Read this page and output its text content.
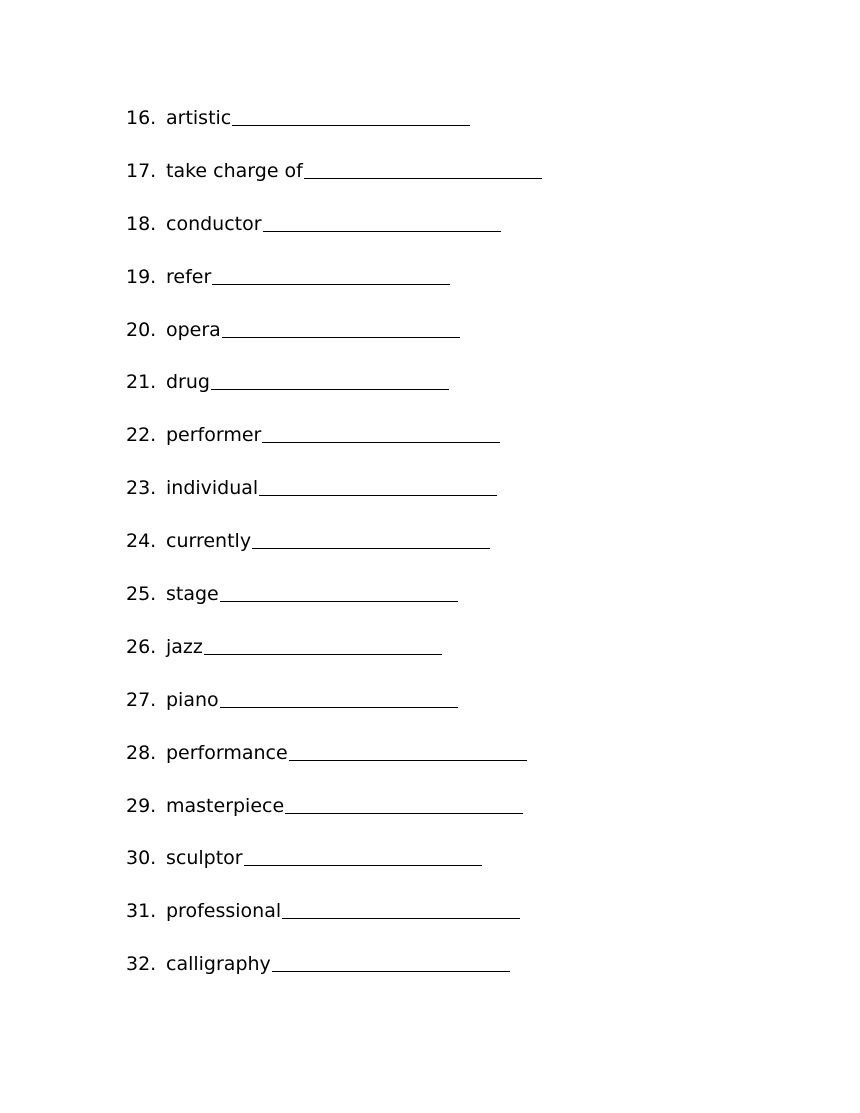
16. artistic
17. take charge of
18. conductor
19. refer
20. opera
21. drug
22. performer
23. individual
24. currently
25. stage
26. jazz
27. piano
28. performance
29. masterpiece
30. sculptor
31. professional
32. calligraphy
